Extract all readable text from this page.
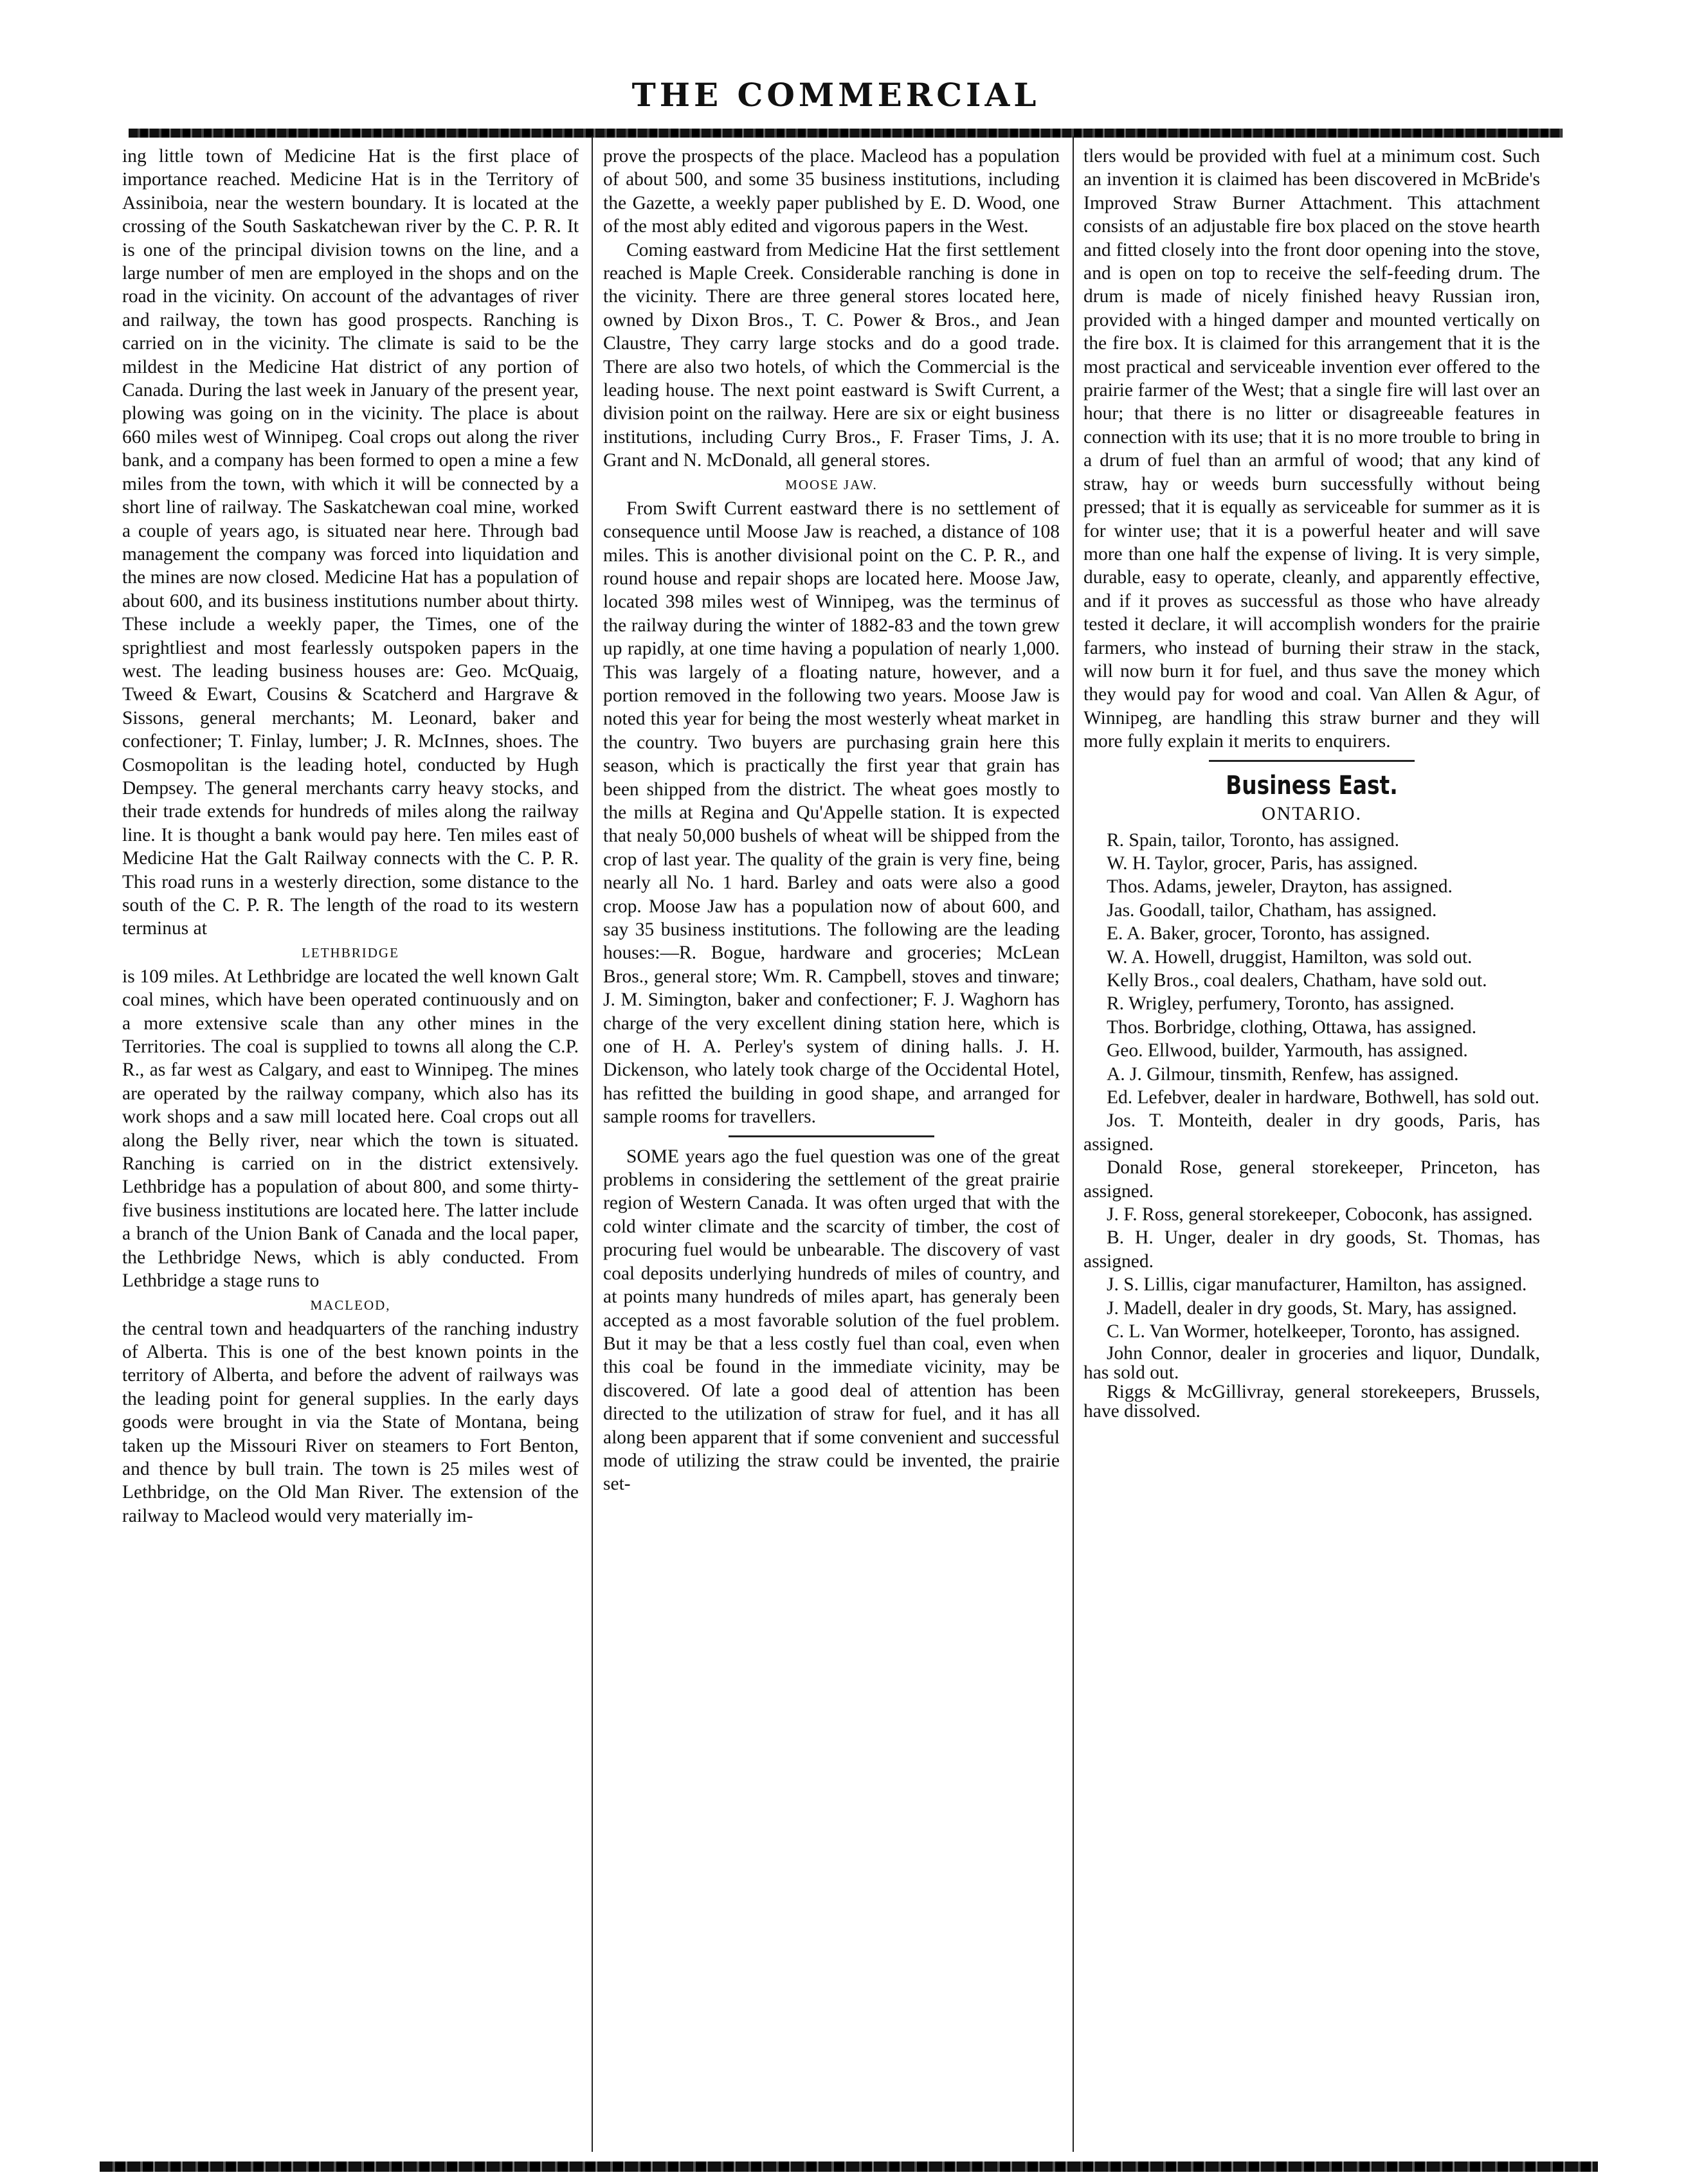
THE COMMERCIAL

ing little town of Medicine Hat is the first place of importance reached. Medicine Hat is in the Territory of Assiniboia, near the western boundary. It is located at the crossing of the South Saskatchewan river by the C. P. R. It is one of the principal division towns on the line, and a large number of men are employed in the shops and on the road in the vicinity. On account of the advantages of river and railway, the town has good prospects. Ranching is carried on in the vicinity. The climate is said to be the mildest in the Medicine Hat district of any portion of Canada. During the last week in January of the present year, plowing was going on in the vicinity. The place is about 660 miles west of Winnipeg. Coal crops out along the river bank, and a company has been formed to open a mine a few miles from the town, with which it will be connected by a short line of railway. The Saskatchewan coal mine, worked a couple of years ago, is situated near here. Through bad management the company was forced into liquidation and the mines are now closed. Medicine Hat has a population of about 600, and its business institutions number about thirty. These include a weekly paper, the Times, one of the sprightliest and most fearlessly outspoken papers in the west. The leading business houses are: Geo. McQuaig, Tweed & Ewart, Cousins & Scatcherd and Hargrave & Sissons, general merchants; M. Leonard, baker and confectioner; T. Finlay, lumber; J. R. McInnes, shoes. The Cosmopolitan is the leading hotel, conducted by Hugh Dempsey. The general merchants carry heavy stocks, and their trade extends for hundreds of miles along the railway line. It is thought a bank would pay here. Ten miles east of Medicine Hat the Galt Railway connects with the C. P. R. This road runs in a westerly direction, some distance to the south of the C. P. R. The length of the road to its western terminus at

LETHBRIDGE

is 109 miles. At Lethbridge are located the well known Galt coal mines, which have been operated continuously and on a more extensive scale than any other mines in the Territories. The coal is supplied to towns all along the C.P. R., as far west as Calgary, and east to Winnipeg. The mines are operated by the railway company, which also has its work shops and a saw mill located here. Coal crops out all along the Belly river, near which the town is situated. Ranching is carried on in the district extensively. Lethbridge has a population of about 800, and some thirty-five business institutions are located here. The latter include a branch of the Union Bank of Canada and the local paper, the Lethbridge News, which is ably conducted. From Lethbridge a stage runs to

MACLEOD,

the central town and headquarters of the ranching industry of Alberta. This is one of the best known points in the territory of Alberta, and before the advent of railways was the leading point for general supplies. In the early days goods were brought in via the State of Montana, being taken up the Missouri River on steamers to Fort Benton, and thence by bull train. The town is 25 miles west of Lethbridge, on the Old Man River. The extension of the railway to Macleod would very materially im-

prove the prospects of the place. Macleod has a population of about 500, and some 35 business institutions, including the Gazette, a weekly paper published by E. D. Wood, one of the most ably edited and vigorous papers in the West.

Coming eastward from Medicine Hat the first settlement reached is Maple Creek. Considerable ranching is done in the vicinity. There are three general stores located here, owned by Dixon Bros., T. C. Power & Bros., and Jean Claustre, They carry large stocks and do a good trade. There are also two hotels, of which the Commercial is the leading house. The next point eastward is Swift Current, a division point on the railway. Here are six or eight business institutions, including Curry Bros., F. Fraser Tims, J. A. Grant and N. McDonald, all general stores.

MOOSE JAW.

From Swift Current eastward there is no settlement of consequence until Moose Jaw is reached, a distance of 108 miles. This is another divisional point on the C. P. R., and round house and repair shops are located here. Moose Jaw, located 398 miles west of Winnipeg, was the terminus of the railway during the winter of 1882-83 and the town grew up rapidly, at one time having a population of nearly 1,000. This was largely of a floating nature, however, and a portion removed in the following two years. Moose Jaw is noted this year for being the most westerly wheat market in the country. Two buyers are purchasing grain here this season, which is practically the first year that grain has been shipped from the district. The wheat goes mostly to the mills at Regina and Qu'Appelle station. It is expected that nealy 50,000 bushels of wheat will be shipped from the crop of last year. The quality of the grain is very fine, being nearly all No. 1 hard. Barley and oats were also a good crop. Moose Jaw has a population now of about 600, and say 35 business institutions. The following are the leading houses:—R. Bogue, hardware and groceries; McLean Bros., general store; Wm. R. Campbell, stoves and tinware; J. M. Simington, baker and confectioner; F. J. Waghorn has charge of the very excellent dining station here, which is one of H. A. Perley's system of dining halls. J. H. Dickenson, who lately took charge of the Occidental Hotel, has refitted the building in good shape, and arranged for sample rooms for travellers.

SOME years ago the fuel question was one of the great problems in considering the settlement of the great prairie region of Western Canada. It was often urged that with the cold winter climate and the scarcity of timber, the cost of procuring fuel would be unbearable. The discovery of vast coal deposits underlying hundreds of miles of country, and at points many hundreds of miles apart, has generaly been accepted as a most favorable solution of the fuel problem. But it may be that a less costly fuel than coal, even when this coal be found in the immediate vicinity, may be discovered. Of late a good deal of attention has been directed to the utilization of straw for fuel, and it has all along been apparent that if some convenient and successful mode of utilizing the straw could be invented, the prairie set-

tlers would be provided with fuel at a minimum cost. Such an invention it is claimed has been discovered in McBride's Improved Straw Burner Attachment. This attachment consists of an adjustable fire box placed on the stove hearth and fitted closely into the front door opening into the stove, and is open on top to receive the self-feeding drum. The drum is made of nicely finished heavy Russian iron, provided with a hinged damper and mounted vertically on the fire box. It is claimed for this arrangement that it is the most practical and serviceable invention ever offered to the prairie farmer of the West; that a single fire will last over an hour; that there is no litter or disagreeable features in connection with its use; that it is no more trouble to bring in a drum of fuel than an armful of wood; that any kind of straw, hay or weeds burn successfully without being pressed; that it is equally as serviceable for summer as it is for winter use; that it is a powerful heater and will save more than one half the expense of living. It is very simple, durable, easy to operate, cleanly, and apparently effective, and if it proves as successful as those who have already tested it declare, it will accomplish wonders for the prairie farmers, who instead of burning their straw in the stack, will now burn it for fuel, and thus save the money which they would pay for wood and coal. Van Allen & Agur, of Winnipeg, are handling this straw burner and they will more fully explain it merits to enquirers.

Business East.
ONTARIO.

R. Spain, tailor, Toronto, has assigned.

W. H. Taylor, grocer, Paris, has assigned.

Thos. Adams, jeweler, Drayton, has assigned.

Jas. Goodall, tailor, Chatham, has assigned.

E. A. Baker, grocer, Toronto, has assigned.

W. A. Howell, druggist, Hamilton, was sold out.

Kelly Bros., coal dealers, Chatham, have sold out.

R. Wrigley, perfumery, Toronto, has assigned.

Thos. Borbridge, clothing, Ottawa, has assigned.

Geo. Ellwood, builder, Yarmouth, has assigned.

A. J. Gilmour, tinsmith, Renfew, has assigned.

Ed. Lefebver, dealer in hardware, Bothwell, has sold out.

Jos. T. Monteith, dealer in dry goods, Paris, has assigned.

Donald Rose, general storekeeper, Princeton, has assigned.

J. F. Ross, general storekeeper, Coboconk, has assigned.

B. H. Unger, dealer in dry goods, St. Thomas, has assigned.

J. S. Lillis, cigar manufacturer, Hamilton, has assigned.

J. Madell, dealer in dry goods, St. Mary, has assigned.

C. L. Van Wormer, hotelkeeper, Toronto, has assigned.

John Connor, dealer in groceries and liquor, Dundalk, has sold out.

Riggs & McGillivray, general storekeepers, Brussels, have dissolved.
